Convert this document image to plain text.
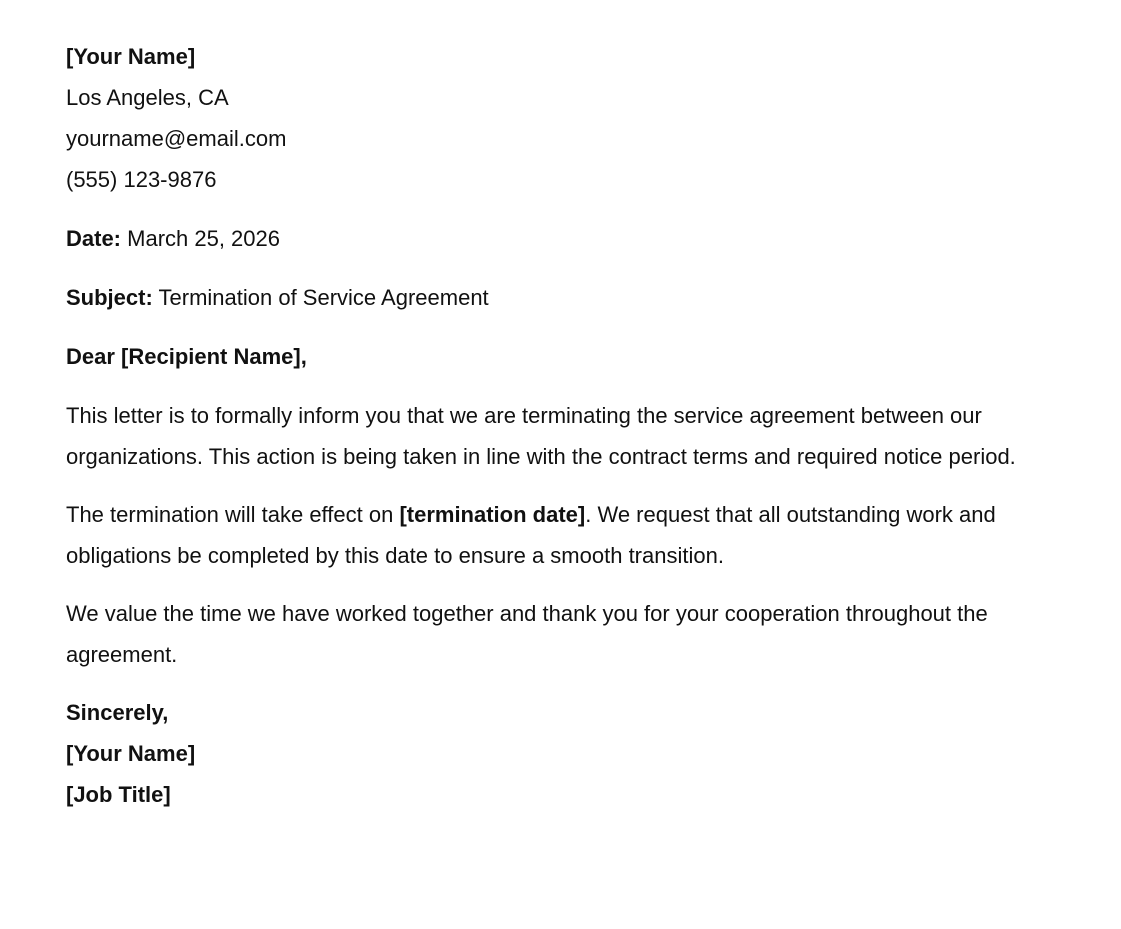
[Your Name]
Los Angeles, CA
yourname@email.com
(555) 123-9876

Date: March 25, 2026

Subject: Termination of Service Agreement

Dear [Recipient Name],

This letter is to formally inform you that we are terminating the service agreement between our organizations. This action is being taken in line with the contract terms and required notice period.

The termination will take effect on [termination date]. We request that all outstanding work and obligations be completed by this date to ensure a smooth transition.

We value the time we have worked together and thank you for your cooperation throughout the agreement.

Sincerely,
[Your Name]
[Job Title]
